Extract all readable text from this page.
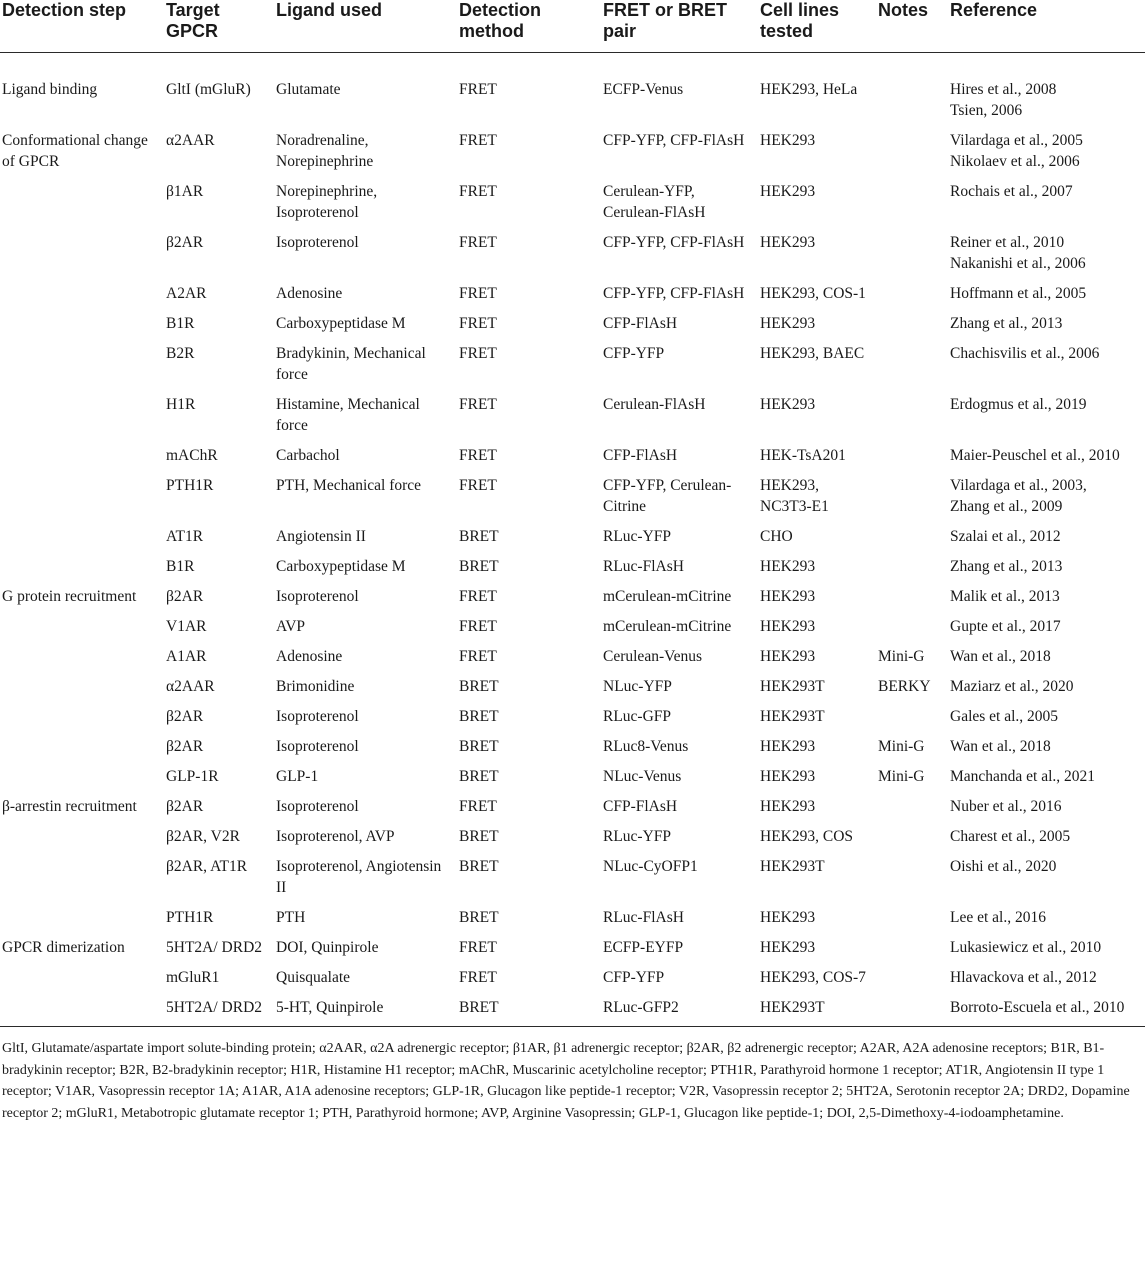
Detection step	Target GPCR	Ligand used	Detection method	FRET or BRET pair	Cell lines tested	Notes	Reference
Ligand binding	GltI (mGluR)	Glutamate	FRET	ECFP-Venus	HEK293, HeLa		Hires et al., 2008
Tsien, 2006

Conformational change of GPCR	α2AAR	Noradrenaline, Norepinephrine	FRET	CFP-YFP, CFP-FlAsH	HEK293		Vilardaga et al., 2005
Nikolaev et al., 2006

	β1AR	Norepinephrine, Isoproterenol	FRET	Cerulean-YFP, Cerulean-FlAsH	HEK293		Rochais et al., 2007

	β2AR	Isoproterenol	FRET	CFP-YFP, CFP-FlAsH	HEK293		Reiner et al., 2010
Nakanishi et al., 2006

	A2AR	Adenosine	FRET	CFP-YFP, CFP-FlAsH	HEK293, COS-1		Hoffmann et al., 2005

	B1R	Carboxypeptidase M	FRET	CFP-FlAsH	HEK293		Zhang et al., 2013

	B2R	Bradykinin, Mechanical force	FRET	CFP-YFP	HEK293, BAEC		Chachisvilis et al., 2006

	H1R	Histamine, Mechanical force	FRET	Cerulean-FlAsH	HEK293		Erdogmus et al., 2019

	mAChR	Carbachol	FRET	CFP-FlAsH	HEK-TsA201		Maier-Peuschel et al., 2010

	PTH1R	PTH, Mechanical force	FRET	CFP-YFP, Cerulean-Citrine	HEK293, NC3T3-E1		Vilardaga et al., 2003,
Zhang et al., 2009

	AT1R	Angiotensin II	BRET	RLuc-YFP	CHO		Szalai et al., 2012

	B1R	Carboxypeptidase M	BRET	RLuc-FlAsH	HEK293		Zhang et al., 2013

G protein recruitment	β2AR	Isoproterenol	FRET	mCerulean-mCitrine	HEK293		Malik et al., 2013

	V1AR	AVP	FRET	mCerulean-mCitrine	HEK293		Gupte et al., 2017

	A1AR	Adenosine	FRET	Cerulean-Venus	HEK293	Mini-G	Wan et al., 2018

	α2AAR	Brimonidine	BRET	NLuc-YFP	HEK293T	BERKY	Maziarz et al., 2020

	β2AR	Isoproterenol	BRET	RLuc-GFP	HEK293T		Gales et al., 2005

	β2AR	Isoproterenol	BRET	RLuc8-Venus	HEK293	Mini-G	Wan et al., 2018

	GLP-1R	GLP-1	BRET	NLuc-Venus	HEK293	Mini-G	Manchanda et al., 2021

β-arrestin recruitment	β2AR	Isoproterenol	FRET	CFP-FlAsH	HEK293		Nuber et al., 2016

	β2AR, V2R	Isoproterenol, AVP	BRET	RLuc-YFP	HEK293, COS		Charest et al., 2005

	β2AR, AT1R	Isoproterenol, Angiotensin II	BRET	NLuc-CyOFP1	HEK293T		Oishi et al., 2020

	PTH1R	PTH	BRET	RLuc-FlAsH	HEK293		Lee et al., 2016

GPCR dimerization	5HT2A/ DRD2	DOI, Quinpirole	FRET	ECFP-EYFP	HEK293		Lukasiewicz et al., 2010

	mGluR1	Quisqualate	FRET	CFP-YFP	HEK293, COS-7		Hlavackova et al., 2012

	5HT2A/ DRD2	5-HT, Quinpirole	BRET	RLuc-GFP2	HEK293T		Borroto-Escuela et al., 2010

GltI, Glutamate/aspartate import solute-binding protein; α2AAR, α2A adrenergic receptor; β1AR, β1 adrenergic receptor; β2AR, β2 adrenergic receptor; A2AR, A2A adenosine receptors; B1R, B1-bradykinin receptor; B2R, B2-bradykinin receptor; H1R, Histamine H1 receptor; mAChR, Muscarinic acetylcholine receptor; PTH1R, Parathyroid hormone 1 receptor; AT1R, Angiotensin II type 1 receptor; V1AR, Vasopressin receptor 1A; A1AR, A1A adenosine receptors; GLP-1R, Glucagon like peptide-1 receptor; V2R, Vasopressin receptor 2; 5HT2A, Serotonin receptor 2A; DRD2, Dopamine receptor 2; mGluR1, Metabotropic glutamate receptor 1; PTH, Parathyroid hormone; AVP, Arginine Vasopressin; GLP-1, Glucagon like peptide-1; DOI, 2,5-Dimethoxy-4-iodoamphetamine.
